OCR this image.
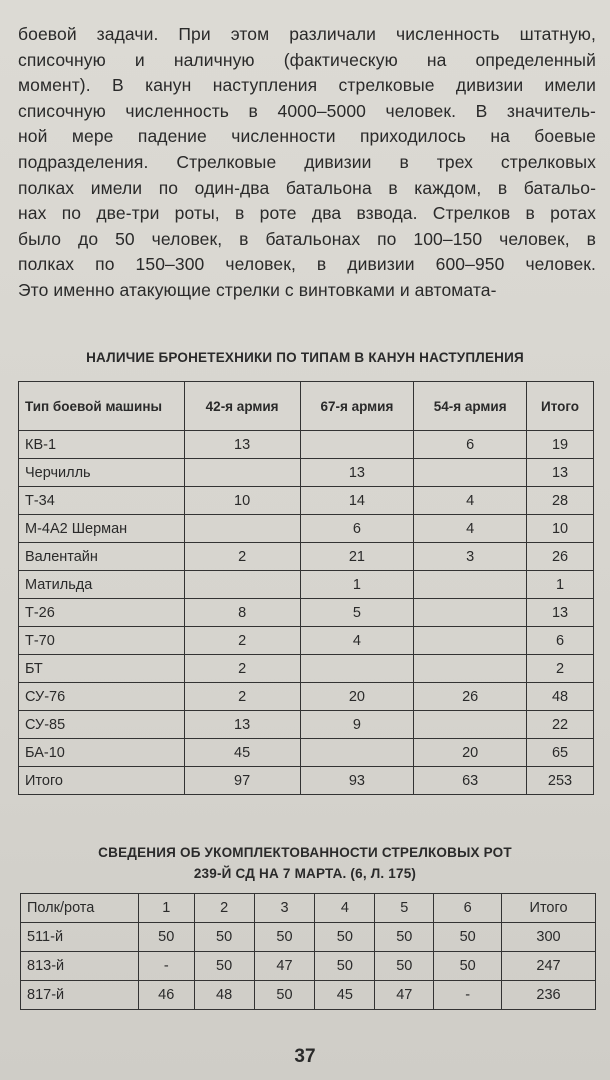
боевой задачи. При этом различали численность штатную,
списочную и наличную (фактическую на определенный
момент). В канун наступления стрелковые дивизии имели
списочную численность в 4000–5000 человек. В значитель-
ной мере падение численности приходилось на боевые
подразделения. Стрелковые дивизии в трех стрелковых
полках имели по один-два батальона в каждом, в батальо-
нах по две-три роты, в роте два взвода. Стрелков в ротах
было до 50 человек, в батальонах по 100–150 человек, в
полках по 150–300 человек, в дивизии 600–950 человек.
Это именно атакующие стрелки с винтовками и автомата-
НАЛИЧИЕ БРОНЕТЕХНИКИ ПО ТИПАМ В КАНУН НАСТУПЛЕНИЯ
Тип боевой машины	42-я армия	67-я армия	54-я армия	Итого
КВ-1	13		6	19
Черчилль		13		13
Т-34	10	14	4	28
М-4А2 Шерман		6	4	10
Валентайн	2	21	3	26
Матильда		1		1
Т-26	8	5		13
Т-70	2	4		6
БТ	2			2
СУ-76	2	20	26	48
СУ-85	13	9		22
БА-10	45		20	65
Итого	97	93	63	253
СВЕДЕНИЯ ОБ УКОМПЛЕКТОВАННОСТИ СТРЕЛКОВЫХ РОТ
239-Й СД НА 7 МАРТА. (6, Л. 175)
Полк/рота	1	2	3	4	5	6	Итого
511-й	50	50	50	50	50	50	300
813-й	-	50	47	50	50	50	247
817-й	46	48	50	45	47	-	236
37
